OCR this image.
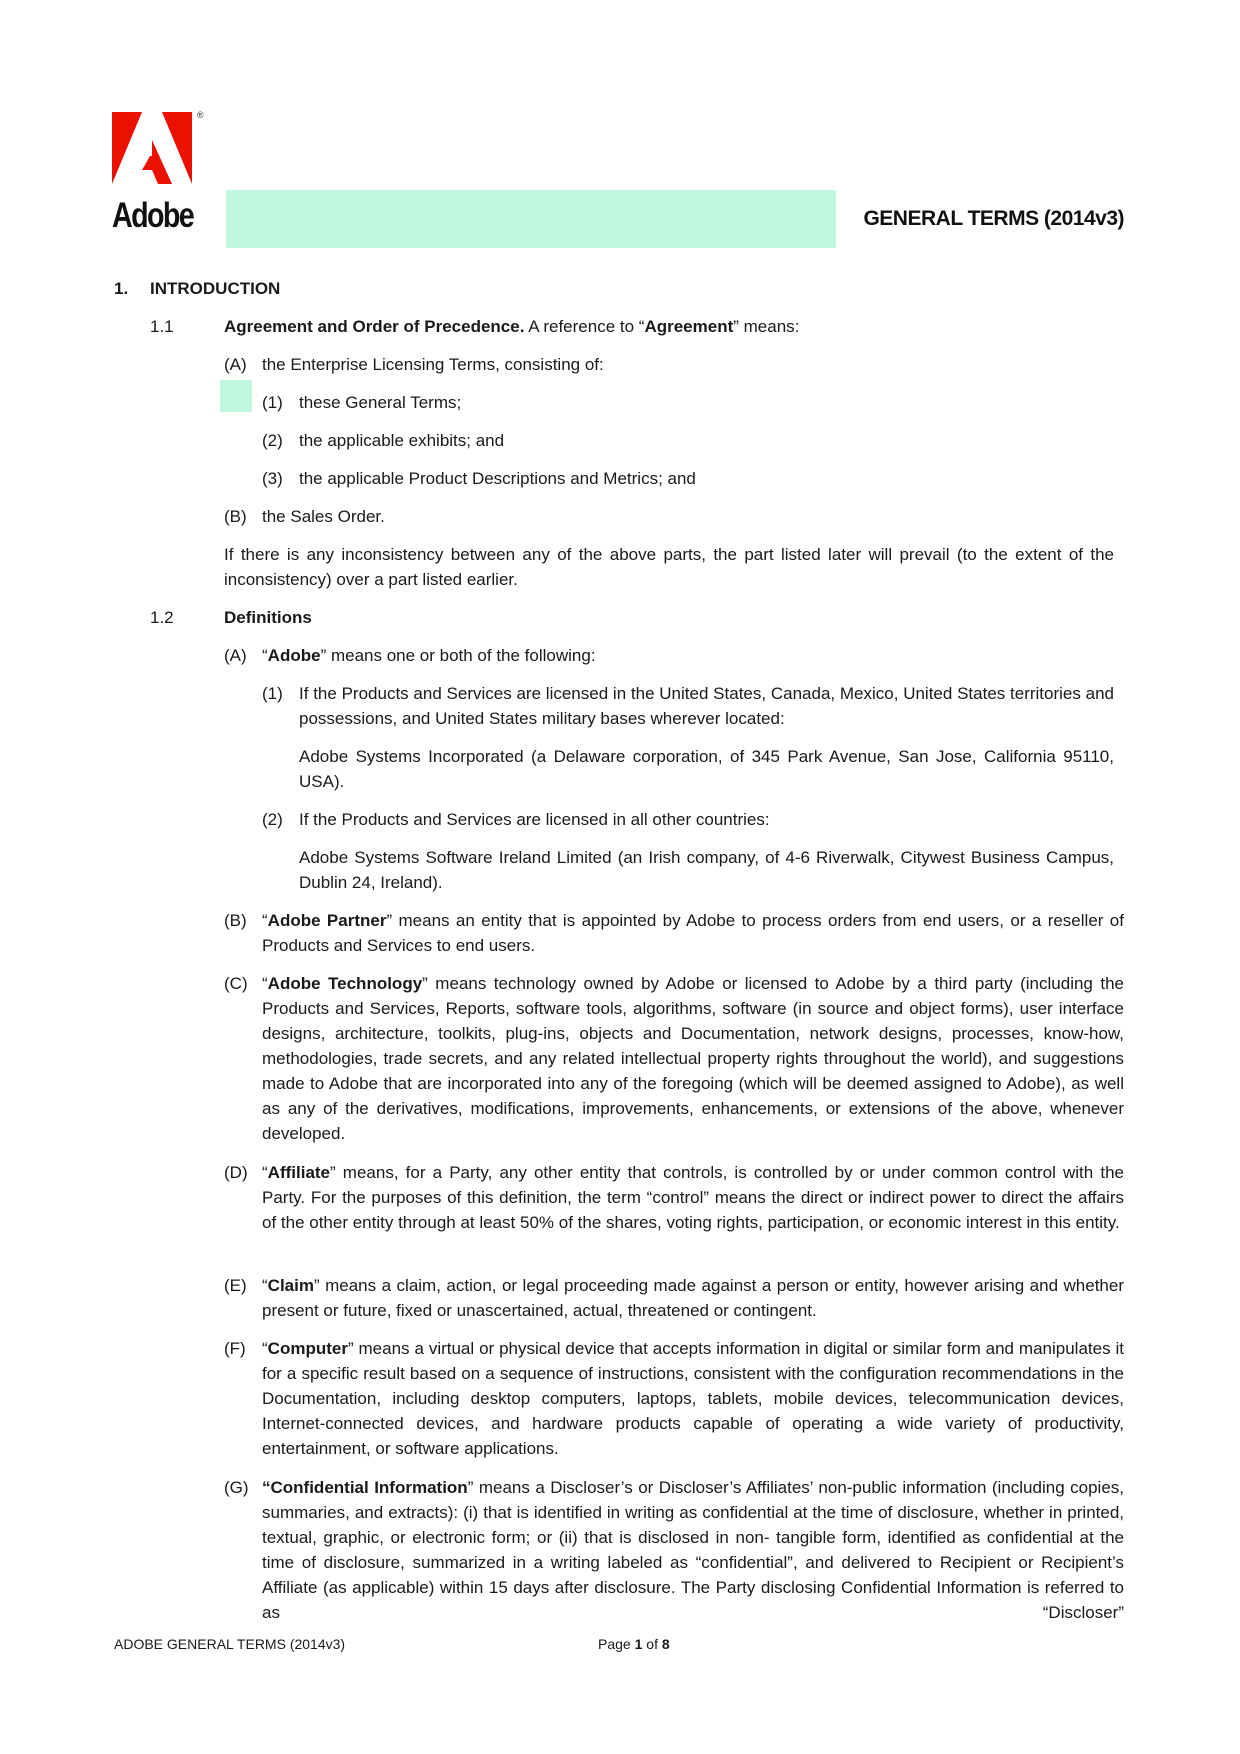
®
Adobe	GENERAL TERMS (2014v3)
1. INTRODUCTION
1.1	Agreement and Order of Precedence. A reference to “Agreement” means:
(A) the Enterprise Licensing Terms, consisting of:
(1) these General Terms;
(2) the applicable exhibits; and
(3) the applicable Product Descriptions and Metrics; and
(B) the Sales Order.

If there is any inconsistency between any of the above parts, the part listed later will prevail (to the extent of the inconsistency) over a part listed earlier.

1.2	Definitions
(A) “Adobe” means one or both of the following:

(1) If the Products and Services are licensed in the United States, Canada, Mexico, United States territories and possessions, and United States military bases wherever located:

Adobe Systems Incorporated (a Delaware corporation, of 345 Park Avenue, San Jose, California 95110, USA).

(2) If the Products and Services are licensed in all other countries:

Adobe Systems Software Ireland Limited (an Irish company, of 4-6 Riverwalk, Citywest Business Campus, Dublin 24, Ireland).

(B) “Adobe Partner” means an entity that is appointed by Adobe to process orders from end users, or a reseller of Products and Services to end users.

(C) “Adobe Technology” means technology owned by Adobe or licensed to Adobe by a third party (including the Products and Services, Reports, software tools, algorithms, software (in source and object forms), user interface designs, architecture, toolkits, plug-ins, objects and Documentation, network designs, processes, know-how, methodologies, trade secrets, and any related intellectual property rights throughout the world), and suggestions made to Adobe that are incorporated into any of the foregoing (which will be deemed assigned to Adobe), as well as any of the derivatives, modifications, improvements, enhancements, or extensions of the above, whenever developed.

(D) “Affiliate” means, for a Party, any other entity that controls, is controlled by or under common control with the Party. For the purposes of this definition, the term “control” means the direct or indirect power to direct the affairs of the other entity through at least 50% of the shares, voting rights, participation, or economic interest in this entity.

(E) “Claim” means a claim, action, or legal proceeding made against a person or entity, however arising and whether present or future, fixed or unascertained, actual, threatened or contingent.

(F) “Computer” means a virtual or physical device that accepts information in digital or similar form and manipulates it for a specific result based on a sequence of instructions, consistent with the configuration recommendations in the Documentation, including desktop computers, laptops, tablets, mobile devices, telecommunication devices, Internet-connected devices, and hardware products capable of operating a wide variety of productivity, entertainment, or software applications.

(G) “Confidential Information” means a Discloser’s or Discloser’s Affiliates’ non-public information (including copies, summaries, and extracts): (i) that is identified in writing as confidential at the time of disclosure, whether in printed, textual, graphic, or electronic form; or (ii) that is disclosed in non- tangible form, identified as confidential at the time of disclosure, summarized in a writing labeled as “confidential”, and delivered to Recipient or Recipient’s Affiliate (as applicable) within 15 days after disclosure. The Party disclosing Confidential Information is referred to as “Discloser”

ADOBE GENERAL TERMS (2014v3)	Page 1 of 8
